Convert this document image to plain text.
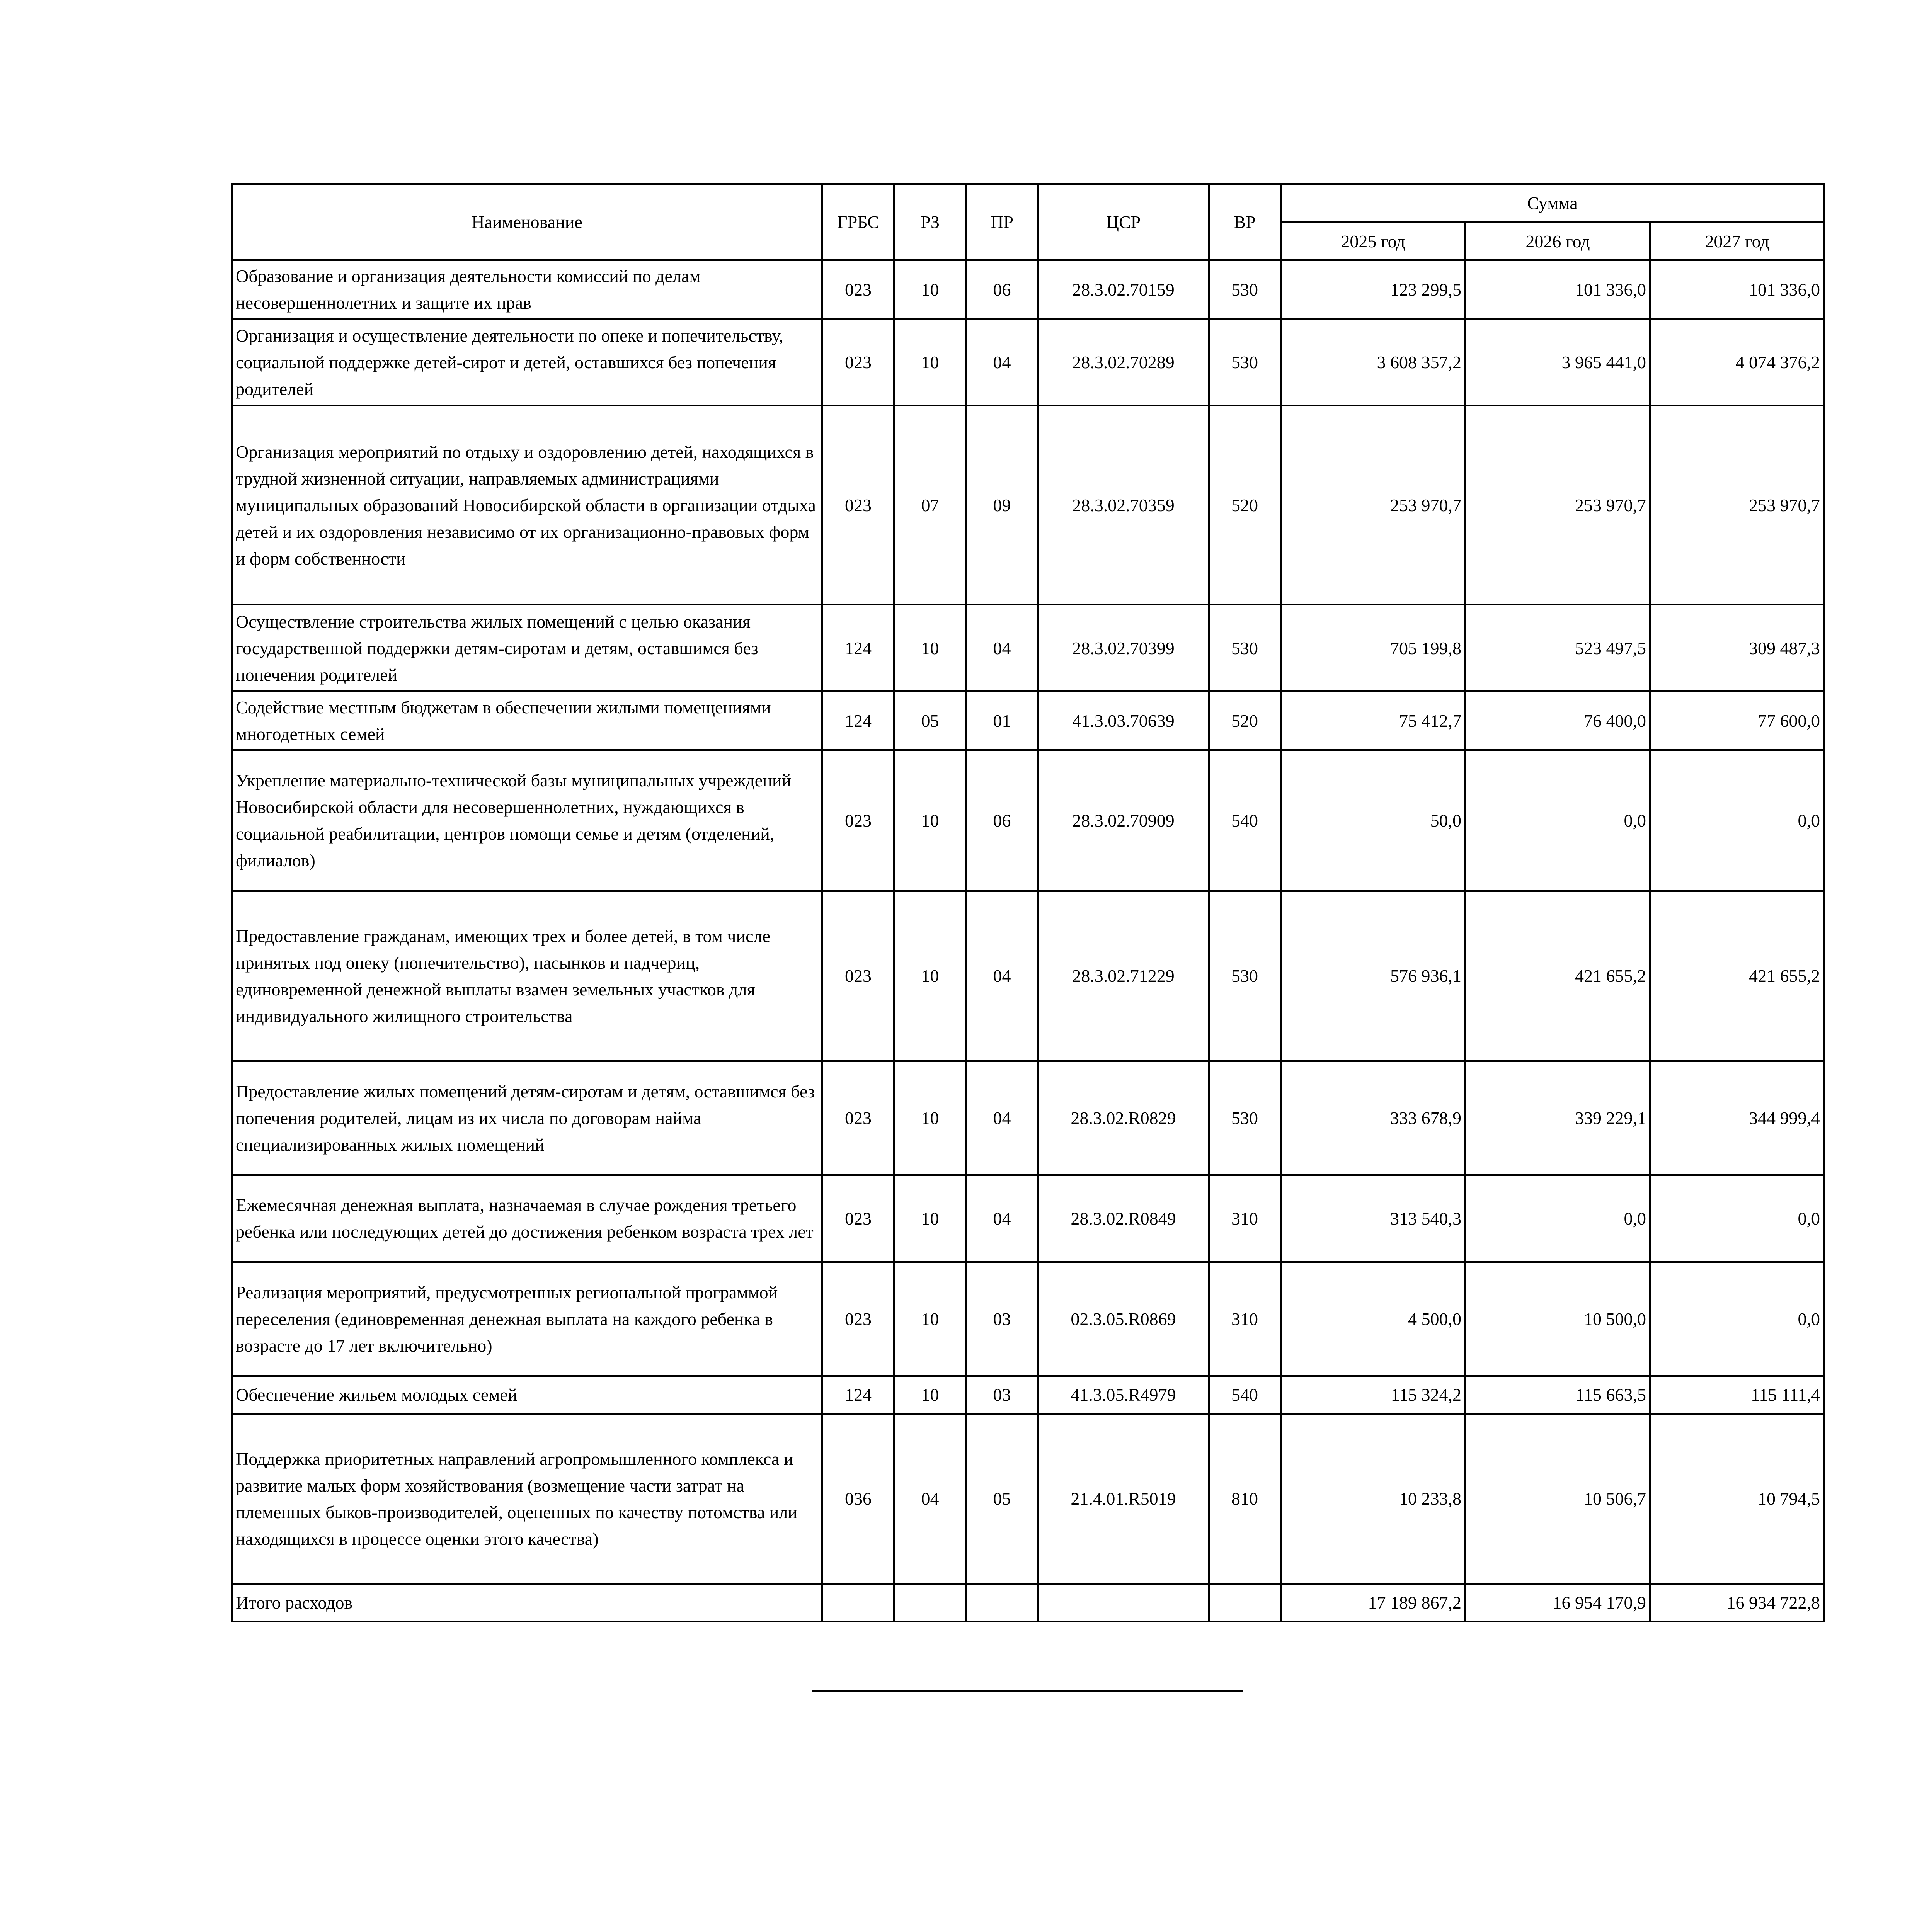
Наименование	ГРБС	РЗ	ПР	ЦСР	ВР	Сумма		
						2025 год	2026 год	2027 год
Образование и организация деятельности комиссий по делам несовершеннолетних и защите их прав	023	10	06	28.3.02.70159	530	123 299,5	101 336,0	101 336,0
Организация и осуществление деятельности по опеке и попечительству, социальной поддержке детей-сирот и детей, оставшихся без попечения родителей	023	10	04	28.3.02.70289	530	3 608 357,2	3 965 441,0	4 074 376,2
Организация мероприятий по отдыху и оздоровлению детей, находящихся в трудной жизненной ситуации, направляемых администрациями муниципальных образований Новосибирской области в организации отдыха детей и их оздоровления независимо от их организационно-правовых форм и форм собственности	023	07	09	28.3.02.70359	520	253 970,7	253 970,7	253 970,7
Осуществление строительства жилых помещений с целью оказания государственной поддержки детям-сиротам и детям, оставшимся без попечения родителей	124	10	04	28.3.02.70399	530	705 199,8	523 497,5	309 487,3
Содействие местным бюджетам в обеспечении жилыми помещениями многодетных семей	124	05	01	41.3.03.70639	520	75 412,7	76 400,0	77 600,0
Укрепление материально-технической базы муниципальных учреждений Новосибирской области для несовершеннолетних, нуждающихся в социальной реабилитации, центров помощи семье и детям (отделений, филиалов)	023	10	06	28.3.02.70909	540	50,0	0,0	0,0
Предоставление гражданам, имеющих трех и более детей, в том числе принятых под опеку (попечительство), пасынков и падчериц, единовременной денежной выплаты взамен земельных участков для индивидуального жилищного строительства	023	10	04	28.3.02.71229	530	576 936,1	421 655,2	421 655,2
Предоставление жилых помещений детям-сиротам и детям, оставшимся без попечения родителей, лицам из их числа по договорам найма специализированных жилых помещений	023	10	04	28.3.02.R0829	530	333 678,9	339 229,1	344 999,4
Ежемесячная денежная выплата, назначаемая в случае рождения третьего ребенка или последующих детей до достижения ребенком возраста трех лет	023	10	04	28.3.02.R0849	310	313 540,3	0,0	0,0
Реализация мероприятий, предусмотренных региональной программой переселения (единовременная денежная выплата на каждого ребенка в возрасте до 17 лет включительно)	023	10	03	02.3.05.R0869	310	4 500,0	10 500,0	0,0
Обеспечение жильем молодых семей	124	10	03	41.3.05.R4979	540	115 324,2	115 663,5	115 111,4
Поддержка приоритетных направлений агропромышленного комплекса и развитие малых форм хозяйствования (возмещение части затрат на племенных быков-производителей, оцененных по качеству потомства или находящихся в процессе оценки этого качества)	036	04	05	21.4.01.R5019	810	10 233,8	10 506,7	10 794,5
Итого расходов						17 189 867,2	16 954 170,9	16 934 722,8
